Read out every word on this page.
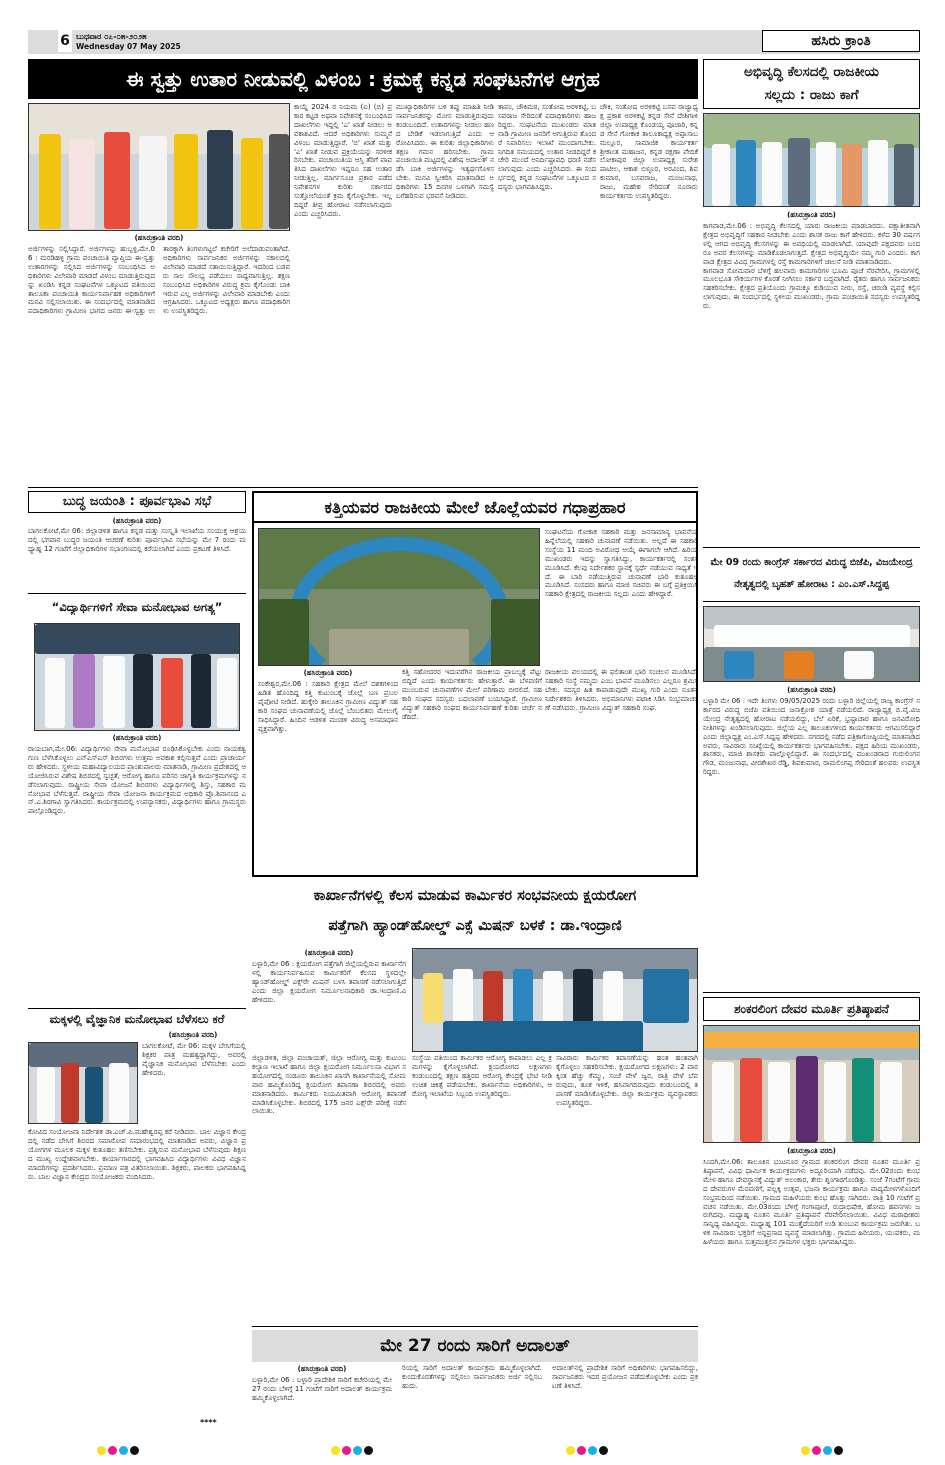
6 ಬುಧವಾರ ೦೭-೦೫-೨೦೨೫
Wednesday 07 May 2025	ಹಸಿರು ಕ್ರಾಂತಿ
ಈ ಸ್ವತ್ತು ಉತಾರ ನೀಡುವಲ್ಲಿ ವಿಳಂಬ : ಕ್ರಮಕ್ಕೆ ಕನ್ನಡ ಸಂಘಟನೆಗಳ ಆಗ್ರಹ
(ಹಸಿರುಕ್ರಾಂತಿ ವರದಿ)
ಅರ್ಜಿಗಳನ್ನು ಸಲ್ಲಿಸಿದ್ದಾರೆ. ಅರ್ಜಿಗಳನ್ನು ಹುಬ್ಬಳ್ಳಿ,ಮೇ.06 : ಮರಡಿಹಳ್ಳಿ ಗ್ರಾಮ ಪಂಚಾಯಿತಿ ವ್ಯಾಪ್ತಿಯ ಈ-ಸ್ವತ್ತು ಉತಾರಗಳನ್ನು ಸಲ್ಲಿಸಿದ ಅರ್ಜಿಗಳನ್ನು ಸಂಬಂಧಿಸಿದ ಅಧಿಕಾರಿಗಳು ವಿಲೇವಾರಿ ಮಾಡದೆ ವಿಳಂಬ ಮಾಡುತ್ತಿರುವುದನ್ನು ಖಂಡಿಸಿ ಕನ್ನಡ ಸಂಘಟನೆಗಳ ಒಕ್ಕೂಟದ ವತಿಯಿಂದ ತಾಲೂಕಾ ಪಂಚಾಯತಿ ಕಾರ್ಯನಿರ್ವಾಹಕ ಅಧಿಕಾರಿಗಳಿಗೆ ಮನವಿ ಸಲ್ಲಿಸಲಾಯಿತು. ಈ ಸಂದರ್ಭದಲ್ಲಿ ಮಾತನಾಡಿದ ಪದಾಧಿಕಾರಿಗಳು ಗ್ರಾಮೀಣ ಭಾಗದ ಜನರು ಈ-ಸ್ವತ್ತು ಉತಾರಕ್ಕಾಗಿ ತಿಂಗಳುಗಟ್ಟಲೆ ಕಚೇರಿಗೆ ಅಲೆದಾಡುವಂತಾಗಿದೆ. ಅಧಿಕಾರಿಗಳು ಸಾರ್ವಜನಿಕರ ಅರ್ಜಿಗಳನ್ನು ಸಕಾಲದಲ್ಲಿ ವಿಲೇವಾರಿ ಮಾಡದೆ ಸತಾಯಿಸುತ್ತಿದ್ದಾರೆ. ಇದರಿಂದ ಬಡವರು ಸಾಲ ಸೌಲಭ್ಯ ಪಡೆಯಲು ಸಾಧ್ಯವಾಗುತ್ತಿಲ್ಲ. ತಕ್ಷಣ ಸಂಬಂಧಿಸಿದ ಅಧಿಕಾರಿಗಳ ವಿರುದ್ಧ ಕ್ರಮ ಕೈಗೊಂಡು ಬಾಕಿ ಇರುವ ಎಲ್ಲ ಅರ್ಜಿಗಳನ್ನು ವಿಲೇವಾರಿ ಮಾಡಬೇಕು ಎಂದು ಆಗ್ರಹಿಸಿದರು. ಒಕ್ಕೂಟದ ಅಧ್ಯಕ್ಷರು ಹಾಗೂ ಪದಾಧಿಕಾರಿಗಳು ಉಪಸ್ಥಿತರಿದ್ದರು.
ಕಾಯ್ದೆ 2024 ರ ನಿಯಮ (ಐ) (ಬಿ) ಪ್ರಕಾರ ಕಟ್ಟಡ ಅಥವಾ ನಿವೇಶನಕ್ಕೆ ಸಂಬಂಧಿಸಿದ ದಾಖಲೆಗಳು ಇದ್ದಲ್ಲಿ 'ಎ' ಖಾತೆ ನೀಡಲು ಅವಕಾಶವಿದೆ. ಆದರೆ ಅಧಿಕಾರಿಗಳು ಸುಮ್ಮನೆ ವಿಳಂಬ ಮಾಡುತ್ತಿದ್ದಾರೆ. 'ಬಿ' ಖಾತೆ ಮತ್ತು 'ಎ' ಖಾತೆ ನೀಡುವ ಪ್ರಕ್ರಿಯೆಯನ್ನು ಸರಳೀಕರಿಸಬೇಕು. ಪಂಚಾಯಿತಿಯ ಆಸ್ತಿ ತೆರಿಗೆ ಪಾವತಿಸಿದ ದಾಖಲೆಗಳು ಇದ್ದರೂ ಸಹ ಉತಾರ ನೀಡುತ್ತಿಲ್ಲ. ಮಾರ್ಗಸೂಚಿ ಪ್ರಕಾರ ಪಡೆದ ನಿವೇಶನಗಳ ಕುರಿತು ಸರ್ಕಾರದ ಸುತ್ತೋಲೆಯಂತೆ ಕ್ರಮ ಕೈಗೊಳ್ಳಬೇಕು. ಇಲ್ಲದಿದ್ದರೆ ತೀವ್ರ ಹೋರಾಟ ನಡೆಸಲಾಗುವುದು ಎಂದು ಎಚ್ಚರಿಸಿದರು.
ಮುಖ್ಯಾಧಿಕಾರಿಗಳ ಬಳಿ ತಪ್ಪು ಮಾಹಿತಿ ನೀಡಿ ಸಾರ್ವಜನಿಕರನ್ನು ಮೋಸ ಮಾಡುತ್ತಿರುವುದು ಕಂಡುಬಂದಿದೆ. ಉತಾರಗಳನ್ನು ನೀಡಲು ಹಣದ ಬೇಡಿಕೆ ಇಡಲಾಗುತ್ತಿದೆ ಎಂದು ಆರೋಪಿಸಿದರು. ಈ ಕುರಿತು ಜಿಲ್ಲಾಧಿಕಾರಿಗಳು ತಕ್ಷಣ ಗಮನ ಹರಿಸಬೇಕು. ಗ್ರಾಮ ಪಂಚಾಯಿತಿ ಮಟ್ಟದಲ್ಲಿ ವಿಶೇಷ ಅದಾಲತ್ ನಡೆಸಿ ಬಾಕಿ ಅರ್ಜಿಗಳನ್ನು ಇತ್ಯರ್ಥಗೊಳಿಸಬೇಕು. ಮನವಿ ಸ್ವೀಕರಿಸಿ ಮಾತನಾಡಿದ ಅಧಿಕಾರಿಗಳು 15 ದಿನಗಳ ಒಳಗಾಗಿ ಸಮಸ್ಯೆ ಬಗೆಹರಿಸುವ ಭರವಸೆ ನೀಡಿದರು.
ತಾಪಂ, ಚೌಕಿಮಠ, ಸಂತೋಷ ಅರಳಿಕಟ್ಟಿ, ಬಸವರಾಜ ಸೇರಿದಂತೆ ಪದಾಧಿಕಾರಿಗಳು ಹಾಜರಿದ್ದರು. ಸಂಘಟನೆಯ ಮುಖಂಡರು ಮಾತನಾಡಿ ಗ್ರಾಮೀಣ ಜನರಿಗೆ ಆಗುತ್ತಿರುವ ತೊಂದರೆ ನಿವಾರಿಸಲು ಇಲಾಖೆ ಮುಂದಾಗಬೇಕು. ನಿಗದಿತ ಸಮಯದಲ್ಲಿ ಉತಾರ ನೀಡದಿದ್ದರೆ ಕಚೇರಿ ಮುಂದೆ ಅನಿರ್ದಿಷ್ಟಾವಧಿ ಧರಣಿ ನಡೆಸಲಾಗುವುದು ಎಂದು ಎಚ್ಚರಿಸಿದರು. ಈ ಸಂದರ್ಭದಲ್ಲಿ ಕನ್ನಡ ಸಂಘಟನೆಗಳ ಒಕ್ಕೂಟದ ಸದಸ್ಯರು ಭಾಗವಹಿಸಿದ್ದರು.
ಚೌಕಿ, ಸಂತೋಷ ಅರಳಿಕಟ್ಟಿ ಬಸವ ರಾಜ್ಯಾಧ್ಯಕ್ಷ ಪ್ರಕಾಶ ಅರಳಿಕಟ್ಟಿ ಕನ್ನಡ ಸೇನೆ ದೇಶಿಗಾಳಿ ಜಿಲ್ಲಾ ಉಪಾಧ್ಯಕ್ಷ ಕೊಂಡಯ್ಯ ಪೂಜಾರಿ, ಕನ್ನಡ ಸೇನೆ ಗೋಕಾಕ ತಾಲೂಕಾಧ್ಯಕ್ಷ ಅಪ್ಪಾಸಾಬ ಮಲ್ಲೂರ, ಸಾಮಾಜಿಕ ಕಾರ್ಯಕರ್ತ ಶ್ರೀಕಾಂತ ಮಹಾಜನ, ಕನ್ನಡ ರಕ್ಷಣಾ ವೇದಿಕೆ ಲೋಕಾಪುರ ಜಿಲ್ಲಾ ಉಪಾಧ್ಯಕ್ಷ ಸುರೇಶ ಪಾಟೀಲ, ಆಕಾಶ ಬಿಳ್ಳೂರ, ಅರವಿಂದ, ಶಿವಕುಮಾರ, ಬಸವರಾಜ, ಮಂಜುನಾಥ, ರಾಜು, ಮಹೇಶ ಸೇರಿದಂತೆ ನೂರಾರು ಕಾರ್ಯಕರ್ತರು ಉಪಸ್ಥಿತರಿದ್ದರು.
ಅಭಿವೃದ್ಧಿ ಕೆಲಸದಲ್ಲಿ ರಾಜಕೀಯ
ಸಲ್ಲದು : ರಾಜು ಕಾಗೆ
(ಹಸಿರುಕ್ರಾಂತಿ ವರದಿ)
ಕಾಗವಾಡ,ಮೇ.06 : ಅಭಿವೃದ್ಧಿ ಕೆಲಸದಲ್ಲಿ ಯಾರು ರಾಜಕೀಯ ಮಾಡಬಾರದು. ಪಕ್ಷಾತೀತವಾಗಿ ಕ್ಷೇತ್ರದ ಅಭಿವೃದ್ಧಿಗೆ ಸಹಕಾರ ನೀಡಬೇಕು ಎಂದು ಶಾಸಕ ರಾಜು ಕಾಗೆ ಹೇಳಿದರು. ಕಳೆದ 30 ವರ್ಷಗಳಲ್ಲಿ ಆಗದ ಅಭಿವೃದ್ಧಿ ಕೆಲಸಗಳನ್ನು ಈ ಅವಧಿಯಲ್ಲಿ ಮಾಡಲಾಗಿದೆ. ಯಾವುದೇ ಪಕ್ಷದವರು ಬಂದರೂ ಅವರ ಕೆಲಸಗಳನ್ನು ಮಾಡಿಕೊಡಲಾಗುತ್ತದೆ. ಕ್ಷೇತ್ರದ ಅಭಿವೃದ್ಧಿಯೇ ನಮ್ಮ ಗುರಿ ಎಂದರು. ಕಾಗವಾಡ ಕ್ಷೇತ್ರದ ವಿವಿಧ ಗ್ರಾಮಗಳಲ್ಲಿ ರಸ್ತೆ ಕಾಮಗಾರಿಗಳಿಗೆ ಚಾಲನೆ ನೀಡಿ ಮಾತನಾಡಿದರು.
ಕಾಗವಾಡ ಸೋಮವಾರ ಬೆಳಿಗ್ಗೆ ಹಲವಾರು ಕಾಮಗಾರಿಗಳ ಭೂಮಿ ಪೂಜೆ ನೆರವೇರಿಸಿ, ಗ್ರಾಮಗಳಲ್ಲಿ ಮೂಲಭೂತ ಸೌಕರ್ಯಗಳ ಕೊರತೆ ನೀಗಿಸಲು ಸರ್ಕಾರ ಬದ್ಧವಾಗಿದೆ. ರೈತರು ಹಾಗೂ ಸಾರ್ವಜನಿಕರು ಸಹಕರಿಸಬೇಕು. ಕ್ಷೇತ್ರದ ಪ್ರತಿಯೊಂದು ಗ್ರಾಮಕ್ಕೂ ಕುಡಿಯುವ ನೀರು, ರಸ್ತೆ, ಚರಂಡಿ ವ್ಯವಸ್ಥೆ ಕಲ್ಪಿಸಲಾಗುವುದು. ಈ ಸಂದರ್ಭದಲ್ಲಿ ಸ್ಥಳೀಯ ಮುಖಂಡರು, ಗ್ರಾಮ ಪಂಚಾಯಿತಿ ಸದಸ್ಯರು ಉಪಸ್ಥಿತರಿದ್ದರು.
ಬುದ್ಧ ಜಯಂತಿ : ಪೂರ್ವಭಾವಿ ಸಭೆ
(ಹಸಿರುಕ್ರಾಂತಿ ವರದಿ)
ಬಾಗಲಕೋಟೆ,ಮೇ 06: ಜಿಲ್ಲಾಡಳಿತ ಹಾಗೂ ಕನ್ನಡ ಮತ್ತು ಸಂಸ್ಕೃತಿ ಇಲಾಖೆಯ ಸಂಯುಕ್ತ ಆಶ್ರಯದಲ್ಲಿ ಭಗವಾನ ಬುದ್ಧರ ಜಯಂತಿ ಆಚರಣೆ ಕುರಿತು ಪೂರ್ವಭಾವಿ ಸಭೆಯನ್ನು ಮೇ 7 ರಂದು ಮಧ್ಯಾಹ್ನ 12 ಗಂಟೆಗೆ ಜಿಲ್ಲಾಧಿಕಾರಿಗಳ ಸಭಾಂಗಣದಲ್ಲಿ ಕರೆಯಲಾಗಿದೆ ಎಂದು ಪ್ರಕಟಣೆ ತಿಳಿಸಿದೆ.
“ವಿದ್ಯಾರ್ಥಿಗಳಿಗೆ ಸೇವಾ ಮನೋಭಾವ ಅಗತ್ಯ”
(ಹಸಿರುಕ್ರಾಂತಿ ವರದಿ)
ರಾಯಬಾಗ,ಮೇ.06: ವಿದ್ಯಾರ್ಥಿಗಳು ಸೇವಾ ಮನೋಭಾವ ರೂಢಿಸಿಕೊಳ್ಳಬೇಕು ಎಂದು ನಾಯಕತ್ವ ಗುಣ ಬೆಳೆಸಿಕೊಳ್ಳಲು ಎನ್‌ಎಸ್‌ಎಸ್ ಶಿಬಿರಗಳು ಉತ್ತಮ ಅವಕಾಶ ಕಲ್ಪಿಸುತ್ತವೆ ಎಂದು ಪ್ರಾಚಾರ್ಯರು ಹೇಳಿದರು. ಸ್ಥಳೀಯ ಮಹಾವಿದ್ಯಾಲಯದ ಪ್ರಾಂಶುಪಾಲರು ಮಾತನಾಡಿ, ಗ್ರಾಮೀಣ ಪ್ರದೇಶದಲ್ಲಿ ಆಯೋಜಿಸಿರುವ ವಿಶೇಷ ಶಿಬಿರದಲ್ಲಿ ಸ್ವಚ್ಛತೆ, ಆರೋಗ್ಯ ಹಾಗೂ ಪರಿಸರ ಜಾಗೃತಿ ಕಾರ್ಯಕ್ರಮಗಳನ್ನು ನಡೆಸಲಾಗುವುದು. ರಾಷ್ಟ್ರೀಯ ಸೇವಾ ಯೋಜನೆ ಶಿಬಿರಗಳು ವಿದ್ಯಾರ್ಥಿಗಳಲ್ಲಿ ಶಿಸ್ತು, ಸಹಕಾರ ಮನೋಭಾವ ಬೆಳೆಸುತ್ತವೆ. ರಾಷ್ಟ್ರೀಯ ಸೇವಾ ಯೋಜನಾ ಕಾರ್ಯಕ್ರಮದ ಅಧಿಕಾರಿ ಪ್ರೊ.ಶಿವಾನಂದ ಎನ್.ಎ.ಶಿರಗಾವಿ ಸ್ವಾಗತಿಸಿದರು. ಕಾರ್ಯಕ್ರಮದಲ್ಲಿ ಉಪನ್ಯಾಸಕರು, ವಿದ್ಯಾರ್ಥಿಗಳು ಹಾಗೂ ಗ್ರಾಮಸ್ಥರು ಪಾಲ್ಗೊಂಡಿದ್ದರು.
ಮಕ್ಕಳಲ್ಲಿ ವೈಜ್ಞಾನಿಕ ಮನೋಭಾವ ಬೆಳೆಸಲು ಕರೆ
(ಹಸಿರುಕ್ರಾಂತಿ ವರದಿ)
ಬಾಗಲಕೋಟೆ, ಮೇ 06: ಮಕ್ಕಳ ಬೇಸಿಗೆಯಲ್ಲಿ ಶಿಕ್ಷಕರ ಪಾತ್ರ ಮಹತ್ವದ್ದಾಗಿದ್ದು, ಅವರಲ್ಲಿ ವೈಜ್ಞಾನಿಕ ಮನೋಭಾವ ಬೆಳೆಸಬೇಕು ಎಂದು ಹೇಳಿದರು.
ಕೋವಿದ ಸಂಯೋಜನಾ ನಿರ್ದೇಶಕ ಡಾ.ಎಚ್.ಪಿ.ಮಹೇಶ್ವರಪ್ಪ ಕರೆ ನೀಡಿದರು. ಬಾಲ ವಿಜ್ಞಾನ ಕೇಂದ್ರದಲ್ಲಿ ನಡೆದ ಬೇಸಿಗೆ ಶಿಬಿರದ ಸಮಾರೋಪ ಸಮಾರಂಭದಲ್ಲಿ ಮಾತನಾಡಿದ ಅವರು, ವಿಜ್ಞಾನ ಪ್ರಯೋಗಗಳ ಮೂಲಕ ಮಕ್ಕಳ ಕುತೂಹಲ ತಣಿಸಬೇಕು. ಪ್ರಶ್ನಿಸುವ ಮನೋಭಾವ ಬೆಳೆಸುವುದು ಶಿಕ್ಷಣದ ಮುಖ್ಯ ಉದ್ದೇಶವಾಗಬೇಕು. ಕಾರ್ಯಾಗಾರದಲ್ಲಿ ಭಾಗವಹಿಸಿದ ವಿದ್ಯಾರ್ಥಿಗಳು ವಿವಿಧ ವಿಜ್ಞಾನ ಮಾದರಿಗಳನ್ನು ಪ್ರದರ್ಶಿಸಿದರು. ಪ್ರಮಾಣ ಪತ್ರ ವಿತರಿಸಲಾಯಿತು. ಶಿಕ್ಷಕರು, ಪಾಲಕರು ಭಾಗವಹಿಸಿದ್ದರು. ಬಾಲ ವಿಜ್ಞಾನ ಕೇಂದ್ರದ ಸಂಯೋಜಕರು ವಂದಿಸಿದರು.
****
ಕತ್ತಿಯವರ ರಾಜಕೀಯ ಮೇಲೆ ಜೊಲ್ಲೆಯವರ ಗಧಾಪ್ರಹಾರ
ಸಂಘಟನೆಯ ಗೋಕಾಕ ಸಹಕಾರಿ ಮತ್ತು ಜನಸಾಮಾನ್ಯ ಭಾವನೆಯ ಹಿನ್ನೆಲೆಯಲ್ಲಿ ಸಹಕಾರಿ ಚುನಾವಣೆ ನಡೆಯಿತು. ಅಲ್ಲದೆ ಈ ಸಹಕಾರಿ ಸಂಸ್ಥೆಯ 11 ಮಂದಿ ಅವಿರೋಧ ಆಯ್ಕೆ ಈಗಾಗಲೇ ಆಗಿದೆ. ಹಿರಿಯ ಮುಖಂಡರು ಇದನ್ನು ಸ್ವಾಗತಿಸಿದ್ದು, ಕಾರ್ಯಕರ್ತರಲ್ಲಿ ಸಂತಸ ಮೂಡಿಸಿದೆ. ಕೆಲವು ನಿರ್ದೇಶಕರ ಸ್ಥಾನಕ್ಕೆ ಸ್ಪರ್ಧೆ ನಡೆಯುವ ಸಾಧ್ಯತೆ ಇದೆ. ಈ ಬಾರಿ ನಡೆಯುತ್ತಿರುವ ಚುನಾವಣೆ ಭಾರಿ ಕುತೂಹಲ ಮೂಡಿಸಿದೆ. ಸಂಸದರು ಹಾಗೂ ಮಾಜಿ ಸಚಿವರು ಈ ಬಗ್ಗೆ ಪ್ರತಿಕ್ರಿಯಿಸಿ ಸಹಕಾರಿ ಕ್ಷೇತ್ರದಲ್ಲಿ ರಾಜಕೀಯ ಸಲ್ಲದು ಎಂದು ಹೇಳಿದ್ದಾರೆ.
(ಹಸಿರುಕ್ರಾಂತಿ ವರದಿ)
ಸಂಕೇಶ್ವರ,ಮೇ.06 : ಸಹಕಾರಿ ಕ್ಷೇತ್ರದ ಮೇಲೆ ದಶಕಗಳಿಂದ ಹಿಡಿತ ಹೊಂದಿದ್ದ ಕತ್ತಿ ಕುಟುಂಬಕ್ಕೆ ಜೊಲ್ಲೆ ಬಣ ಪ್ರಬಲ ಪೈಪೋಟಿ ನೀಡಿದೆ. ಹುಕ್ಕೇರಿ ತಾಲೂಕಿನ ಗ್ರಾಮೀಣ ವಿದ್ಯುತ್ ಸಹಕಾರಿ ಸಂಘದ ಚುನಾವಣೆಯಲ್ಲಿ ಜೊಲ್ಲೆ ಬೆಂಬಲಿತರು ಮೇಲುಗೈ ಸಾಧಿಸಿದ್ದಾರೆ. ಹಿಂದಿನ ಆಡಳಿತ ಮಂಡಳಿ ವಿರುದ್ಧ ಅಸಮಾಧಾನ ವ್ಯಕ್ತವಾಗಿತ್ತು.
ಕತ್ತಿ ಸಹೋದರರ ಇದುವರೆಗಿನ ರಾಜಕೀಯ ಪ್ರಾಬಲ್ಯಕ್ಕೆ ಪೆಟ್ಟು ಬಿದ್ದಿದೆ ಎಂದು ಕಾರ್ಯಕರ್ತರು ಹೇಳುತ್ತಾರೆ. ಈ ಬೆಳವಣಿಗೆ ಮುಂಬರುವ ಚುನಾವಣೆಗಳ ಮೇಲೆ ಪರಿಣಾಮ ಬೀರಲಿದೆ. ಸಹಕಾರಿ ಸಂಘದ ಸದಸ್ಯರು ಬದಲಾವಣೆ ಬಯಸಿದ್ದಾರೆ. ಗ್ರಾಮೀಣ ವಿದ್ಯುತ್ ಸಹಕಾರಿ ಸಂಘದ ಕಾರ್ಯನಿರ್ವಹಣೆ ಕುರಿತು ಚರ್ಚೆ ನಡೆದಿದೆ.
ರಾಜಕೀಯ ವಲಯದಲ್ಲಿ ಈ ಫಲಿತಾಂಶ ಭಾರಿ ಸಂಚಲನ ಮೂಡಿಸಿದೆ. ಸಹಕಾರಿ ಸಂಸ್ಥೆ ನಮ್ಮದು ಎಂಬ ಭಾವನೆ ಮೂಡಿಸಲು ಎಲ್ಲರೂ ಶ್ರಮಿಸಬೇಕು. ಸದಸ್ಯರ ಹಿತ ಕಾಪಾಡುವುದೇ ಮುಖ್ಯ ಗುರಿ ಎಂದು ನೂತನ ನಿರ್ದೇಶಕರು ತಿಳಿಸಿದರು. ಅಭಿಮಾನಿಗಳು ಪಟಾಕಿ ಸಿಡಿಸಿ ಸಂಭ್ರಮಾಚರಣೆ ನಡೆಸಿದರು. ಗ್ರಾಮೀಣ ವಿದ್ಯುತ್ ಸಹಕಾರಿ ಸಂಘ.
ಕಾರ್ಖಾನೆಗಳಲ್ಲಿ ಕೆಲಸ ಮಾಡುವ ಕಾರ್ಮಿಕರ ಸಂಭವನೀಯ ಕ್ಷಯರೋಗ
ಪತ್ತೆಗಾಗಿ ಹ್ಯಾಂಡ್‌ಹೋಲ್ಡ್ ಎಕ್ಸೆ ಮಿಷನ್ ಬಳಕೆ : ಡಾ.ಇಂದ್ರಾಣಿ
(ಹಸಿರುಕ್ರಾಂತಿ ವರದಿ)
ಬಳ್ಳಾರಿ,ಮೇ 06 : ಕ್ಷಯರೋಗ ಪತ್ತೆಗಾಗಿ ಜಿಲ್ಲೆಯಲ್ಲಿರುವ ಕಾರ್ಖಾನೆಗಳಲ್ಲಿ ಕಾರ್ಯನಿರ್ವಹಿಸುವ ಕಾರ್ಮಿಕರಿಗೆ ಕೆಲಸದ ಸ್ಥಳದಲ್ಲೇ ಹ್ಯಾಂಡ್‌ಹೋಲ್ಡ್ ಎಕ್ಸ್‌ರೇ ಮಿಷನ್ ಬಳಸಿ ತಪಾಸಣೆ ನಡೆಸಲಾಗುತ್ತಿದೆ ಎಂದು ಜಿಲ್ಲಾ ಕ್ಷಯರೋಗ ನಿರ್ಮೂಲನಾಧಿಕಾರಿ ಡಾ.ಇಂದ್ರಾಣಿ.ವಿ ಹೇಳಿದರು.
ಜಿಲ್ಲಾಡಳಿತ, ಜಿಲ್ಲಾ ಪಂಚಾಯತ್, ಜಿಲ್ಲಾ ಆರೋಗ್ಯ ಮತ್ತು ಕುಟುಂಬ ಕಲ್ಯಾಣ ಇಲಾಖೆ ಹಾಗೂ ಜಿಲ್ಲಾ ಕ್ಷಯರೋಗ ನಿರ್ಮೂಲನಾ ವಿಭಾಗ ಸಹಯೋಗದಲ್ಲಿ ಸಂಡೂರು ತಾಲೂಕಿನ ಖಾಸಗಿ ಕಾರ್ಖಾನೆಯಲ್ಲಿ ಸೋಮವಾರ ಹಮ್ಮಿಕೊಂಡಿದ್ದ ಕ್ಷಯರೋಗ ತಪಾಸಣಾ ಶಿಬಿರದಲ್ಲಿ ಅವರು ಮಾತನಾಡಿದರು. ಕಾರ್ಮಿಕರು ನಿಯಮಿತವಾಗಿ ಆರೋಗ್ಯ ತಪಾಸಣೆ ಮಾಡಿಸಿಕೊಳ್ಳಬೇಕು. ಶಿಬಿರದಲ್ಲಿ 175 ಜನರ ಎಕ್ಸ್‌ರೇ ಪರೀಕ್ಷೆ ನಡೆಸಲಾಯಿತು.
ಸಂಸ್ಥೆಯ ವತಿಯಿಂದ ಕಾರ್ಮಿಕರ ಆರೋಗ್ಯ ಕಾಪಾಡಲು ಎಲ್ಲ ಕ್ರಮಗಳನ್ನು ಕೈಗೊಳ್ಳಲಾಗಿದೆ. ಕ್ಷಯರೋಗದ ಲಕ್ಷಣಗಳು ಕಂಡುಬಂದಲ್ಲಿ ತಕ್ಷಣ ಹತ್ತಿರದ ಆರೋಗ್ಯ ಕೇಂದ್ರಕ್ಕೆ ಭೇಟಿ ನೀಡಿ ಉಚಿತ ಚಿಕಿತ್ಸೆ ಪಡೆಯಬೇಕು. ಕಾರ್ಖಾನೆಯ ಅಧಿಕಾರಿಗಳು, ಆರೋಗ್ಯ ಇಲಾಖೆಯ ಸಿಬ್ಬಂದಿ ಉಪಸ್ಥಿತರಿದ್ದರು.
ಸಾವಿರಾರು ಕಾರ್ಮಿಕರ ತಪಾಸಣೆಯನ್ನು ಹಂತ ಹಂತವಾಗಿ ಕೈಗೊಳ್ಳಲು ಸಹಕರಿಸಬೇಕು. ಕ್ಷಯರೋಗದ ಲಕ್ಷಣಗಳು: 2 ವಾರಕ್ಕಿಂತ ಹೆಚ್ಚು ಕೆಮ್ಮು, ಸಂಜೆ ವೇಳೆ ಜ್ವರ, ರಾತ್ರಿ ವೇಳೆ ಬೆವರುವುದು, ತೂಕ ಇಳಿಕೆ, ಹಸಿವಾಗದಿರುವುದು ಕಂಡುಬಂದಲ್ಲಿ ತಪಾಸಣೆ ಮಾಡಿಸಿಕೊಳ್ಳಬೇಕು. ಜಿಲ್ಲಾ ಕಾರ್ಯಕ್ರಮ ವ್ಯವಸ್ಥಾಪಕರು ಉಪಸ್ಥಿತರಿದ್ದರು.
ಮೇ 27 ರಂದು ಸಾರಿಗೆ ಅದಾಲತ್
(ಹಸಿರುಕ್ರಾಂತಿ ವರದಿ)
ಬಳ್ಳಾರಿ,ಮೇ 06 : ಬಳ್ಳಾರಿ ಪ್ರಾದೇಶಿಕ ಸಾರಿಗೆ ಕಚೇರಿಯಲ್ಲಿ ಮೇ 27 ರಂದು ಬೆಳಿಗ್ಗೆ 11 ಗಂಟೆಗೆ ಸಾರಿಗೆ ಅದಾಲತ್ ಕಾರ್ಯಕ್ರಮ ಹಮ್ಮಿಕೊಳ್ಳಲಾಗಿದೆ.
ರಿಯಲ್ಲಿ ಸಾರಿಗೆ ಅದಾಲತ್ ಕಾರ್ಯಕ್ರಮ ಹಮ್ಮಿಕೊಳ್ಳಲಾಗಿದೆ. ಕುಂದುಕೊರತೆಗಳನ್ನು ಸಲ್ಲಿಸಲು ಸಾರ್ವಜನಿಕರು ಅರ್ಜಿ ಸಲ್ಲಿಸಬಹುದು.
ಅದಾಲತ್‌ನಲ್ಲಿ ಪ್ರಾದೇಶಿಕ ಸಾರಿಗೆ ಅಧಿಕಾರಿಗಳು ಭಾಗವಹಿಸಲಿದ್ದು, ಸಾರ್ವಜನಿಕರು ಇದರ ಪ್ರಯೋಜನ ಪಡೆದುಕೊಳ್ಳಬೇಕು ಎಂದು ಪ್ರಕಟಣೆ ತಿಳಿಸಿದೆ.
ಮೇ 09 ರಂದು ಕಾಂಗ್ರೆಸ್ ಸರ್ಕಾರದ ವಿರುದ್ಧ ಬಿಜೆಪಿ, ವಿಜಯೇಂದ್ರ
ನೇತೃತ್ವದಲ್ಲಿ ಬೃಹತ್ ಹೋರಾಟ : ಎಂ.ಎಸ್.ಸಿದ್ದಪ್ಪ
(ಹಸಿರುಕ್ರಾಂತಿ ವರದಿ)
ಬಳ್ಳಾರಿ ಮೇ 06 : ಇದೇ ತಿಂಗಳು 09/05/2025 ರಂದು ಬಳ್ಳಾರಿ ಜಿಲ್ಲೆಯಲ್ಲಿ ರಾಜ್ಯ ಕಾಂಗ್ರೆಸ್ ಸರ್ಕಾರದ ವಿರುದ್ಧ ಬಿಜೆಪಿ ವತಿಯಿಂದ ಜನಾಕ್ರೋಶ ಯಾತ್ರೆ ನಡೆಯಲಿದೆ. ರಾಜ್ಯಾಧ್ಯಕ್ಷ ಬಿ.ವೈ.ವಿಜಯೇಂದ್ರ ನೇತೃತ್ವದಲ್ಲಿ ಹೋರಾಟ ನಡೆಯಲಿದ್ದು, ಬೆಲೆ ಏರಿಕೆ, ಭ್ರಷ್ಟಾಚಾರ ಹಾಗೂ ಜನವಿರೋಧಿ ನೀತಿಗಳನ್ನು ಖಂಡಿಸಲಾಗುವುದು. ಜಿಲ್ಲೆಯ ಎಲ್ಲ ತಾಲೂಕುಗಳಿಂದ ಕಾರ್ಯಕರ್ತರು ಆಗಮಿಸಲಿದ್ದಾರೆ ಎಂದು ಜಿಲ್ಲಾಧ್ಯಕ್ಷ ಎಂ.ಎಸ್.ಸಿದ್ದಪ್ಪ ಹೇಳಿದರು. ನಗರದಲ್ಲಿ ನಡೆದ ಪತ್ರಿಕಾಗೋಷ್ಠಿಯಲ್ಲಿ ಮಾತನಾಡಿದ ಅವರು, ಸಾವಿರಾರು ಸಂಖ್ಯೆಯಲ್ಲಿ ಕಾರ್ಯಕರ್ತರು ಭಾಗವಹಿಸಬೇಕು. ಪಕ್ಷದ ಹಿರಿಯ ಮುಖಂಡರು, ಶಾಸಕರು, ಮಾಜಿ ಶಾಸಕರು ಪಾಲ್ಗೊಳ್ಳಲಿದ್ದಾರೆ. ಈ ಸಂದರ್ಭದಲ್ಲಿ ಮುಖಂಡರಾದ ಗುರುಲಿಂಗನಗೌಡ, ಮಂಜುನಾಥ, ವೀರಶೇಖರ ರೆಡ್ಡಿ, ಶಿವಕುಮಾರ, ರಾಮಲಿಂಗಪ್ಪ ಸೇರಿದಂತೆ ಹಲವರು ಉಪಸ್ಥಿತರಿದ್ದರು.
ಶಂಕರಲಿಂಗ ದೇವರ ಮೂರ್ತಿ ಪ್ರತಿಷ್ಠಾಪನೆ
(ಹಸಿರುಕ್ರಾಂತಿ ವರದಿ)
ಸಿಂದಗಿ,ಮೇ.06: ತಾಲೂಕಿನ ಭಂಟನೂರ ಗ್ರಾಮದ ಶಂಕರಲಿಂಗ ದೇವರ ನೂತನ ಮೂರ್ತಿ ಪ್ರತಿಷ್ಠಾಪನೆ, ವಿವಿಧ ಧಾರ್ಮಿಕ ಕಾರ್ಯಕ್ರಮಗಳು ಅದ್ದೂರಿಯಾಗಿ ನಡೆದವು. ಮೇ.02ರಂದು ಕುಂಭಮೇಳ ಹಾಗೂ ದೇವಸ್ಥಾನಕ್ಕೆ ವಿದ್ಯುತ್ ಅಲಂಕಾರ, ತೇರು ಶೃಂಗಾರಗೊಂಡಿತ್ತು. ಸಂಜೆ 7ಗಂಟೆಗೆ ಗ್ರಾಮದ ದೇವರುಗಳ ಮೆರವಣಿಗೆ, ಪಲ್ಲಕ್ಕಿ ಉತ್ಸವ, ಭಜನಾ ಕಾರ್ಯಕ್ರಮ ಹಾಗೂ ವಾದ್ಯಮೇಳಗಳೊಂದಿಗೆ ಸಂಭ್ರಮದಿಂದ ನಡೆಯಿತು. ಗ್ರಾಮದ ಮಹಿಳೆಯರು ಕುಂಭ ಹೊತ್ತು ಸಾಗಿದರು. ರಾತ್ರಿ 10 ಗಂಟೆಗೆ ಪ್ರವಚನ ನಡೆಯಿತು. ಮೇ.03ರಂದು ಬೆಳಿಗ್ಗೆ ಗಂಗಾಪೂಜೆ, ರುದ್ರಾಭಿಷೇಕ, ಹೋಮ ಹವನಗಳು ಜರುಗಿದವು. ಮಧ್ಯಾಹ್ನ ನೂತನ ಮೂರ್ತಿ ಪ್ರತಿಷ್ಠಾಪನೆ ನೆರವೇರಿಸಲಾಯಿತು. ವಿವಿಧ ಮಠಾಧೀಶರು ಸಾನ್ನಿಧ್ಯ ವಹಿಸಿದ್ದರು. ಮಧ್ಯಾಹ್ನ 101 ಮುತ್ತೈದೆಯರಿಗೆ ಉಡಿ ತುಂಬುವ ಕಾರ್ಯಕ್ರಮ ಜರುಗಿತು. ಬಳಿಕ ಸಾವಿರಾರು ಭಕ್ತರಿಗೆ ಅನ್ನಪ್ರಸಾದ ವ್ಯವಸ್ಥೆ ಮಾಡಲಾಗಿತ್ತು. ಗ್ರಾಮದ ಹಿರಿಯರು, ಯುವಕರು, ಮಹಿಳೆಯರು ಹಾಗೂ ಸುತ್ತಮುತ್ತಲಿನ ಗ್ರಾಮಗಳ ಭಕ್ತರು ಭಾಗವಹಿಸಿದ್ದರು.
